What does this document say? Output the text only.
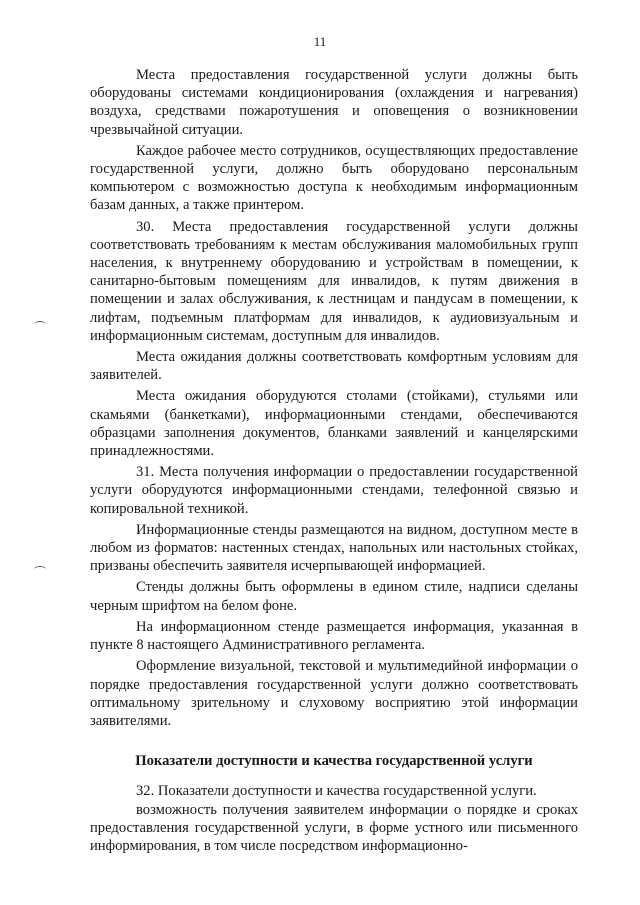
11

Места предоставления государственной услуги должны быть оборудованы системами кондиционирования (охлаждения и нагревания) воздуха, средствами пожаротушения и оповещения о возникновении чрезвычайной ситуации.

Каждое рабочее место сотрудников, осуществляющих предоставление государственной услуги, должно быть оборудовано персональным компьютером с возможностью доступа к необходимым информационным базам данных, а также принтером.

30. Места предоставления государственной услуги должны соответствовать требованиям к местам обслуживания маломобильных групп населения, к внутреннему оборудованию и устройствам в помещении, к санитарно-бытовым помещениям для инвалидов, к путям движения в помещении и залах обслуживания, к лестницам и пандусам в помещении, к лифтам, подъемным платформам для инвалидов, к аудиовизуальным и информационным системам, доступным для инвалидов.

Места ожидания должны соответствовать комфортным условиям для заявителей.

Места ожидания оборудуются столами (стойками), стульями или скамьями (банкетками), информационными стендами, обеспечиваются образцами заполнения документов, бланками заявлений и канцелярскими принадлежностями.

31. Места получения информации о предоставлении государственной услуги оборудуются информационными стендами, телефонной связью и копировальной техникой.

Информационные стенды размещаются на видном, доступном месте в любом из форматов: настенных стендах, напольных или настольных стойках, призваны обеспечить заявителя исчерпывающей информацией.

Стенды должны быть оформлены в едином стиле, надписи сделаны черным шрифтом на белом фоне.

На информационном стенде размещается информация, указанная в пункте 8 настоящего Административного регламента.

Оформление визуальной, текстовой и мультимедийной информации о порядке предоставления государственной услуги должно соответствовать оптимальному зрительному и слуховому восприятию этой информации заявителями.

Показатели доступности и качества государственной услуги

32. Показатели доступности и качества государственной услуги.

возможность получения заявителем информации о порядке и сроках предоставления государственной услуги, в форме устного или письменного информирования, в том числе посредством информационно-
